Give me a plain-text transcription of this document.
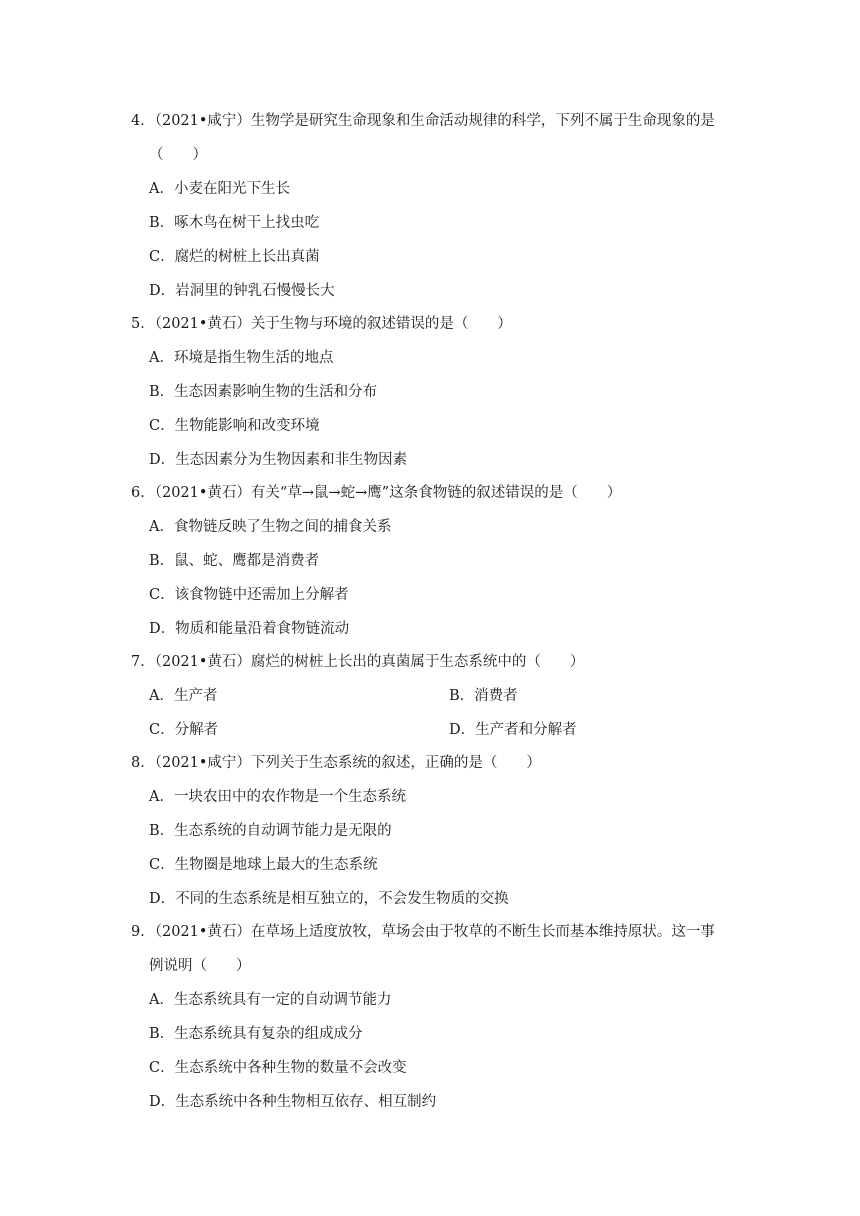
4．（2021•咸宁）生物学是研究生命现象和生命活动规律的科学，下列不属于生命现象的是
（　　）
A．小麦在阳光下生长
B．啄木鸟在树干上找虫吃
C．腐烂的树桩上长出真菌
D．岩洞里的钟乳石慢慢长大
5．（2021•黄石）关于生物与环境的叙述错误的是（　　）
A．环境是指生物生活的地点
B．生态因素影响生物的生活和分布
C．生物能影响和改变环境
D．生态因素分为生物因素和非生物因素
6．（2021•黄石）有关“草→鼠→蛇→鹰”这条食物链的叙述错误的是（　　）
A．食物链反映了生物之间的捕食关系
B．鼠、蛇、鹰都是消费者
C．该食物链中还需加上分解者
D．物质和能量沿着食物链流动
7．（2021•黄石）腐烂的树桩上长出的真菌属于生态系统中的（　　）
A．生产者	B．消费者
C．分解者	D．生产者和分解者
8．（2021•咸宁）下列关于生态系统的叙述，正确的是（　　）
A．一块农田中的农作物是一个生态系统
B．生态系统的自动调节能力是无限的
C．生物圈是地球上最大的生态系统
D．不同的生态系统是相互独立的，不会发生物质的交换
9．（2021•黄石）在草场上适度放牧，草场会由于牧草的不断生长而基本维持原状。这一事
例说明（　　）
A．生态系统具有一定的自动调节能力
B．生态系统具有复杂的组成成分
C．生态系统中各种生物的数量不会改变
D．生态系统中各种生物相互依存、相互制约
